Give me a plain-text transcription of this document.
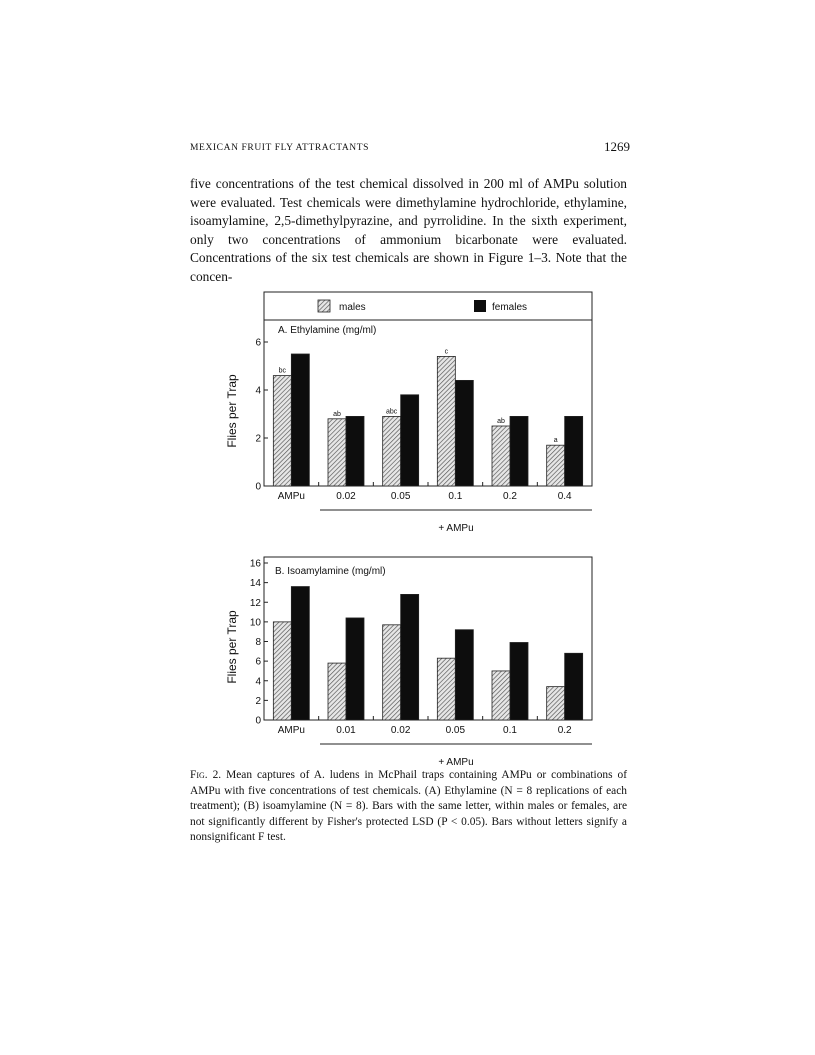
MEXICAN FRUIT FLY ATTRACTANTS	1269

five concentrations of the test chemical dissolved in 200 ml of AMPu solution were evaluated. Test chemicals were dimethylamine hydrochloride, ethylamine, isoamylamine, 2,5-dimethylpyrazine, and pyrrolidine. In the sixth experiment, only two concentrations of ammonium bicarbonate were evaluated. Concentrations of the six test chemicals are shown in Figure 1–3. Note that the concen-

males	females
A. Ethylamine (mg/ml)
Flies per Trap
0
2
4
6
bc
AMPu
ab
0.02
abc
0.05
c
0.1
ab
0.2
a
0.4
+ AMPu
B. Isoamylamine (mg/ml)
Flies per Trap
0
2
4
6
8
10
12
14
16
AMPu	0.01	0.02	0.05	0.1	0.2
+ AMPu
Fig. 2. Mean captures of A. ludens in McPhail traps containing AMPu or combinations of AMPu with five concentrations of test chemicals. (A) Ethylamine (N = 8 replications of each treatment); (B) isoamylamine (N = 8). Bars with the same letter, within males or females, are not significantly different by Fisher's protected LSD (P < 0.05). Bars without letters signify a nonsignificant F test.
